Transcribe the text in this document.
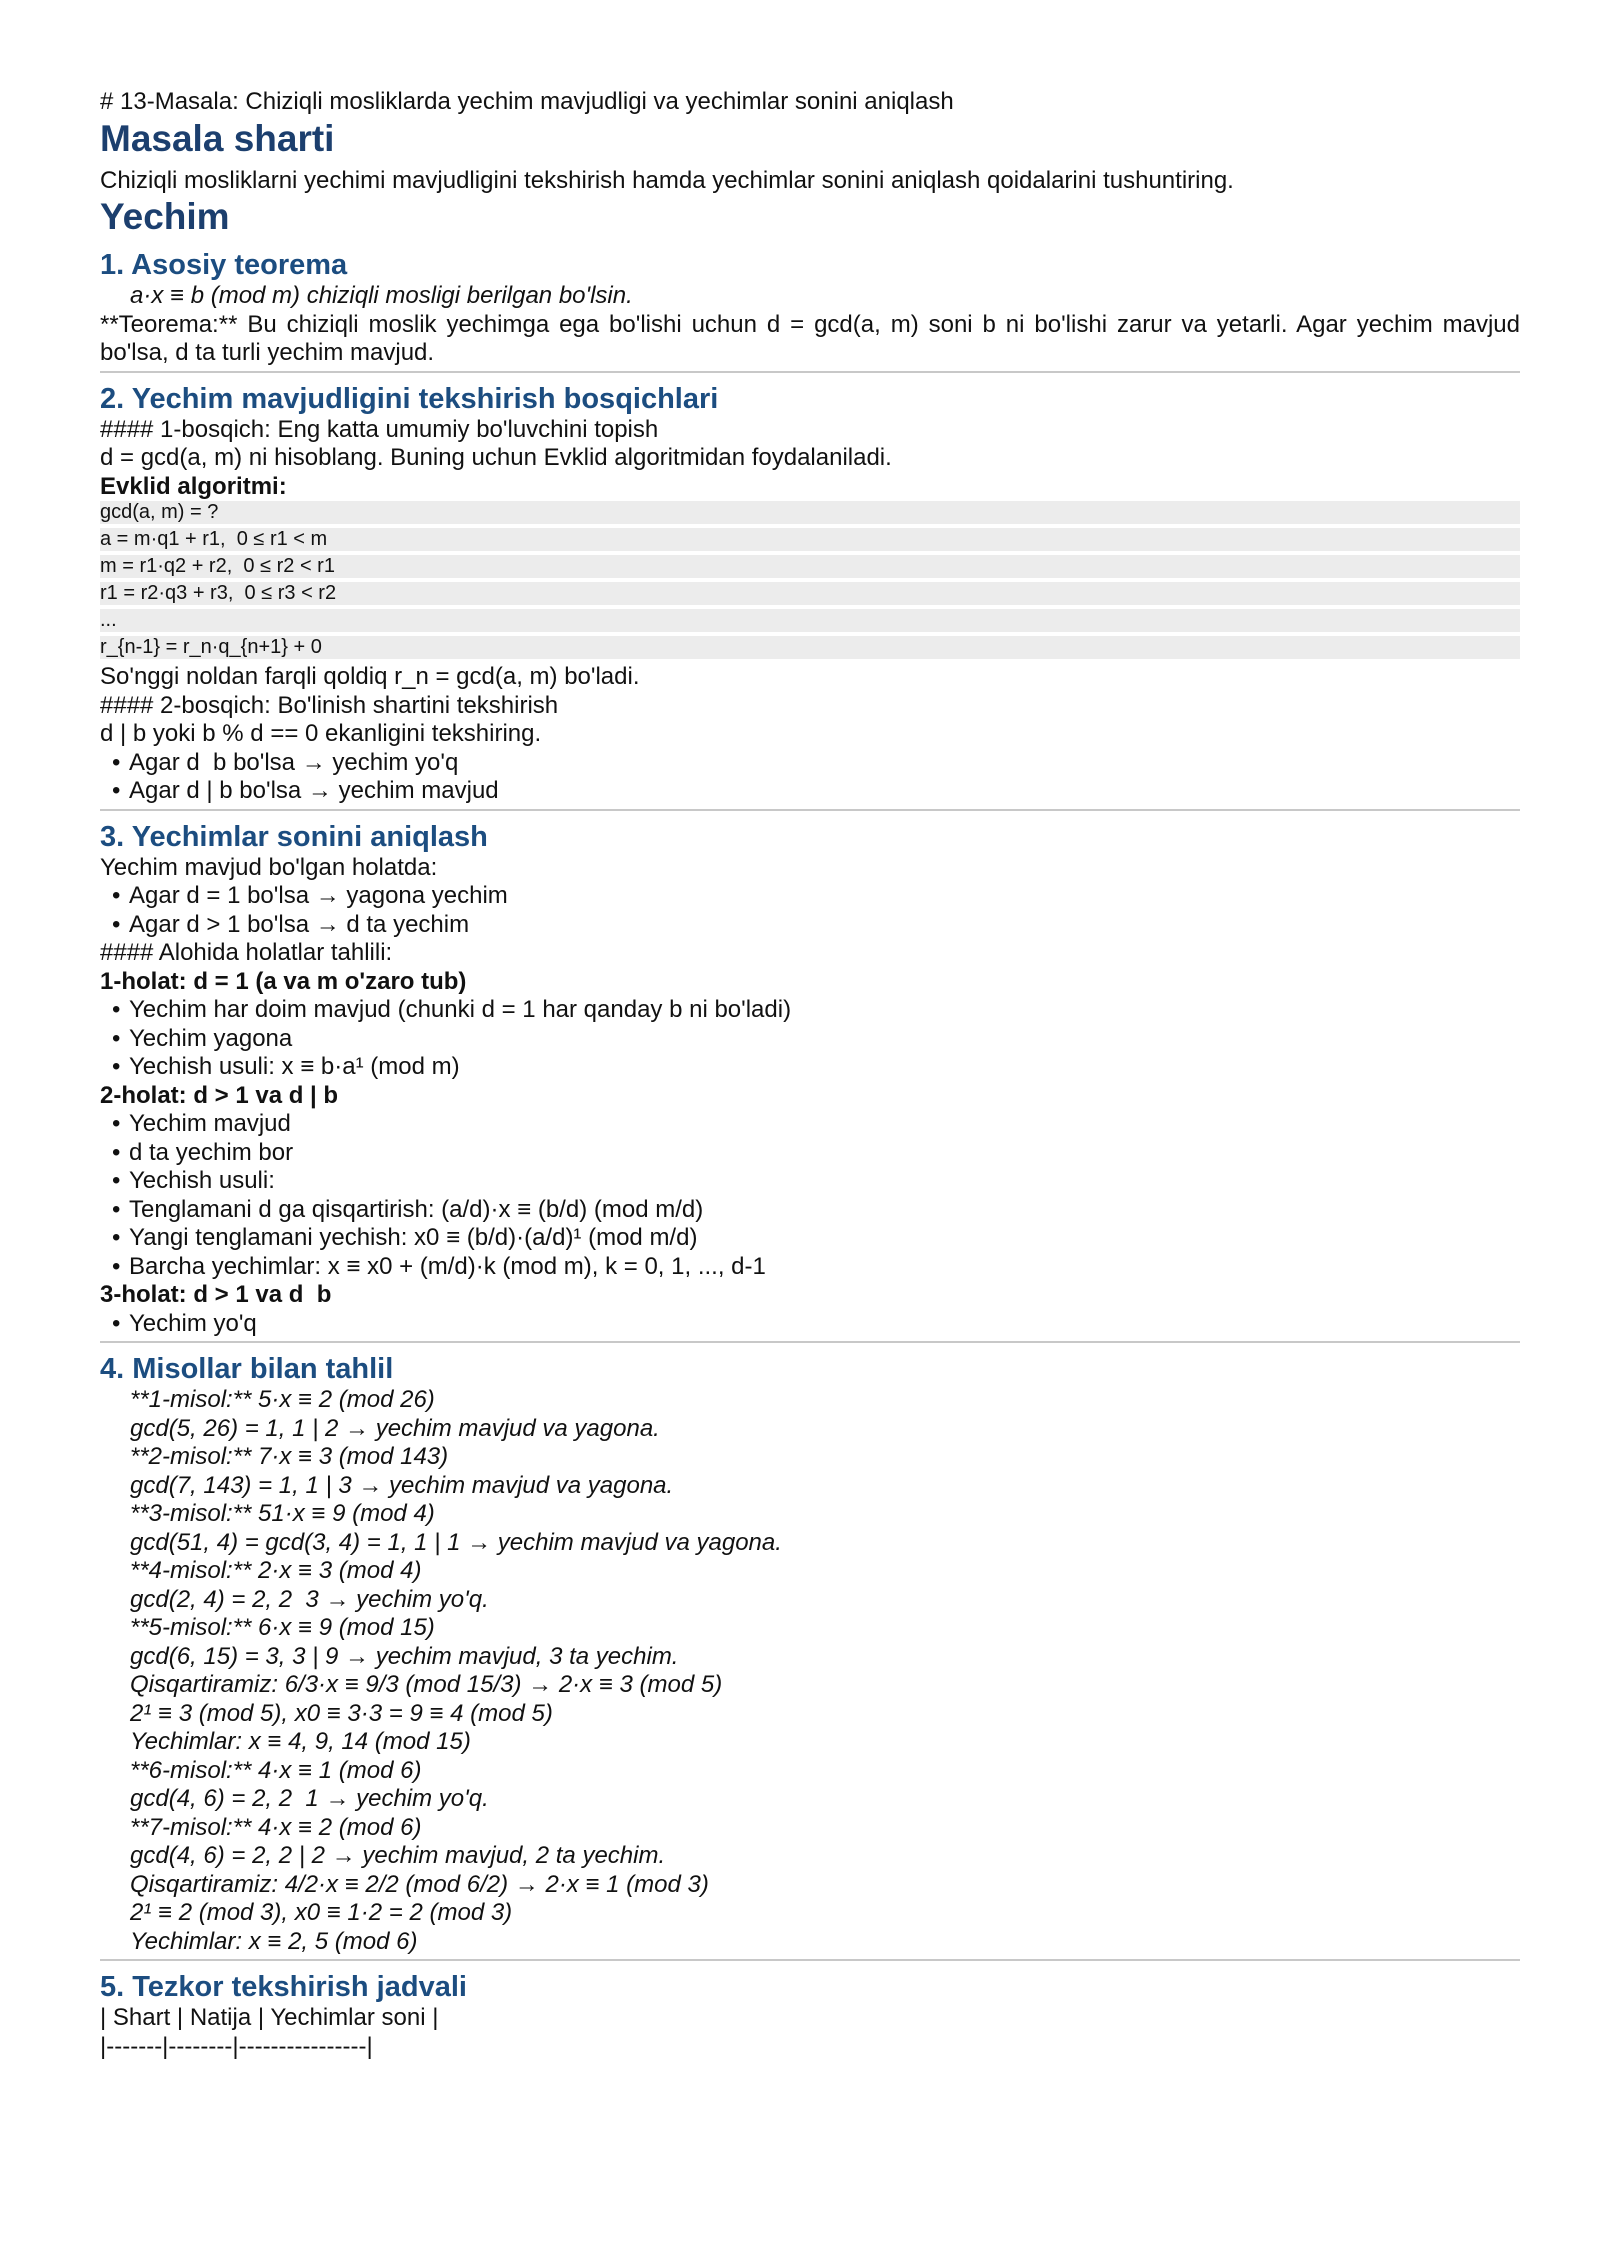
# 13-Masala: Chiziqli mosliklarda yechim mavjudligi va yechimlar sonini aniqlash
Masala sharti
Chiziqli mosliklarni yechimi mavjudligini tekshirish hamda yechimlar sonini aniqlash qoidalarini tushuntiring.
Yechim
1. Asosiy teorema
a·x ≡ b (mod m) chiziqli mosligi berilgan bo'lsin.
**Teorema:** Bu chiziqli moslik yechimga ega bo'lishi uchun d = gcd(a, m) soni b ni bo'lishi zarur va yetarli. Agar yechim mavjud bo'lsa, d ta turli yechim mavjud.
2. Yechim mavjudligini tekshirish bosqichlari
#### 1-bosqich: Eng katta umumiy bo'luvchini topish
d = gcd(a, m) ni hisoblang. Buning uchun Evklid algoritmidan foydalaniladi.
Evklid algoritmi:
gcd(a, m) = ?
a = m·q1 + r1,  0 ≤ r1 < m
m = r1·q2 + r2,  0 ≤ r2 < r1
r1 = r2·q3 + r3,  0 ≤ r3 < r2
...
r_{n-1} = r_n·q_{n+1} + 0
So'nggi noldan farqli qoldiq r_n = gcd(a, m) bo'ladi.
#### 2-bosqich: Bo'linish shartini tekshirish
d | b yoki b % d == 0 ekanligini tekshiring.
• Agar d  b bo'lsa → yechim yo'q
• Agar d | b bo'lsa → yechim mavjud
3. Yechimlar sonini aniqlash
Yechim mavjud bo'lgan holatda:
• Agar d = 1 bo'lsa → yagona yechim
• Agar d > 1 bo'lsa → d ta yechim
#### Alohida holatlar tahlili:
1-holat: d = 1 (a va m o'zaro tub)
• Yechim har doim mavjud (chunki d = 1 har qanday b ni bo'ladi)
• Yechim yagona
• Yechish usuli: x ≡ b·a¹ (mod m)
2-holat: d > 1 va d | b
• Yechim mavjud
• d ta yechim bor
• Yechish usuli:
• Tenglamani d ga qisqartirish: (a/d)·x ≡ (b/d) (mod m/d)
• Yangi tenglamani yechish: x0 ≡ (b/d)·(a/d)¹ (mod m/d)
• Barcha yechimlar: x ≡ x0 + (m/d)·k (mod m), k = 0, 1, ..., d-1
3-holat: d > 1 va d  b
• Yechim yo'q
4. Misollar bilan tahlil
**1-misol:** 5·x ≡ 2 (mod 26)
gcd(5, 26) = 1, 1 | 2 → yechim mavjud va yagona.
**2-misol:** 7·x ≡ 3 (mod 143)
gcd(7, 143) = 1, 1 | 3 → yechim mavjud va yagona.
**3-misol:** 51·x ≡ 9 (mod 4)
gcd(51, 4) = gcd(3, 4) = 1, 1 | 1 → yechim mavjud va yagona.
**4-misol:** 2·x ≡ 3 (mod 4)
gcd(2, 4) = 2, 2  3 → yechim yo'q.
**5-misol:** 6·x ≡ 9 (mod 15)
gcd(6, 15) = 3, 3 | 9 → yechim mavjud, 3 ta yechim.
Qisqartiramiz: 6/3·x ≡ 9/3 (mod 15/3) → 2·x ≡ 3 (mod 5)
2¹ ≡ 3 (mod 5), x0 ≡ 3·3 = 9 ≡ 4 (mod 5)
Yechimlar: x ≡ 4, 9, 14 (mod 15)
**6-misol:** 4·x ≡ 1 (mod 6)
gcd(4, 6) = 2, 2  1 → yechim yo'q.
**7-misol:** 4·x ≡ 2 (mod 6)
gcd(4, 6) = 2, 2 | 2 → yechim mavjud, 2 ta yechim.
Qisqartiramiz: 4/2·x ≡ 2/2 (mod 6/2) → 2·x ≡ 1 (mod 3)
2¹ ≡ 2 (mod 3), x0 ≡ 1·2 = 2 (mod 3)
Yechimlar: x ≡ 2, 5 (mod 6)
5. Tezkor tekshirish jadvali
| Shart | Natija | Yechimlar soni |
|-------|--------|----------------|
